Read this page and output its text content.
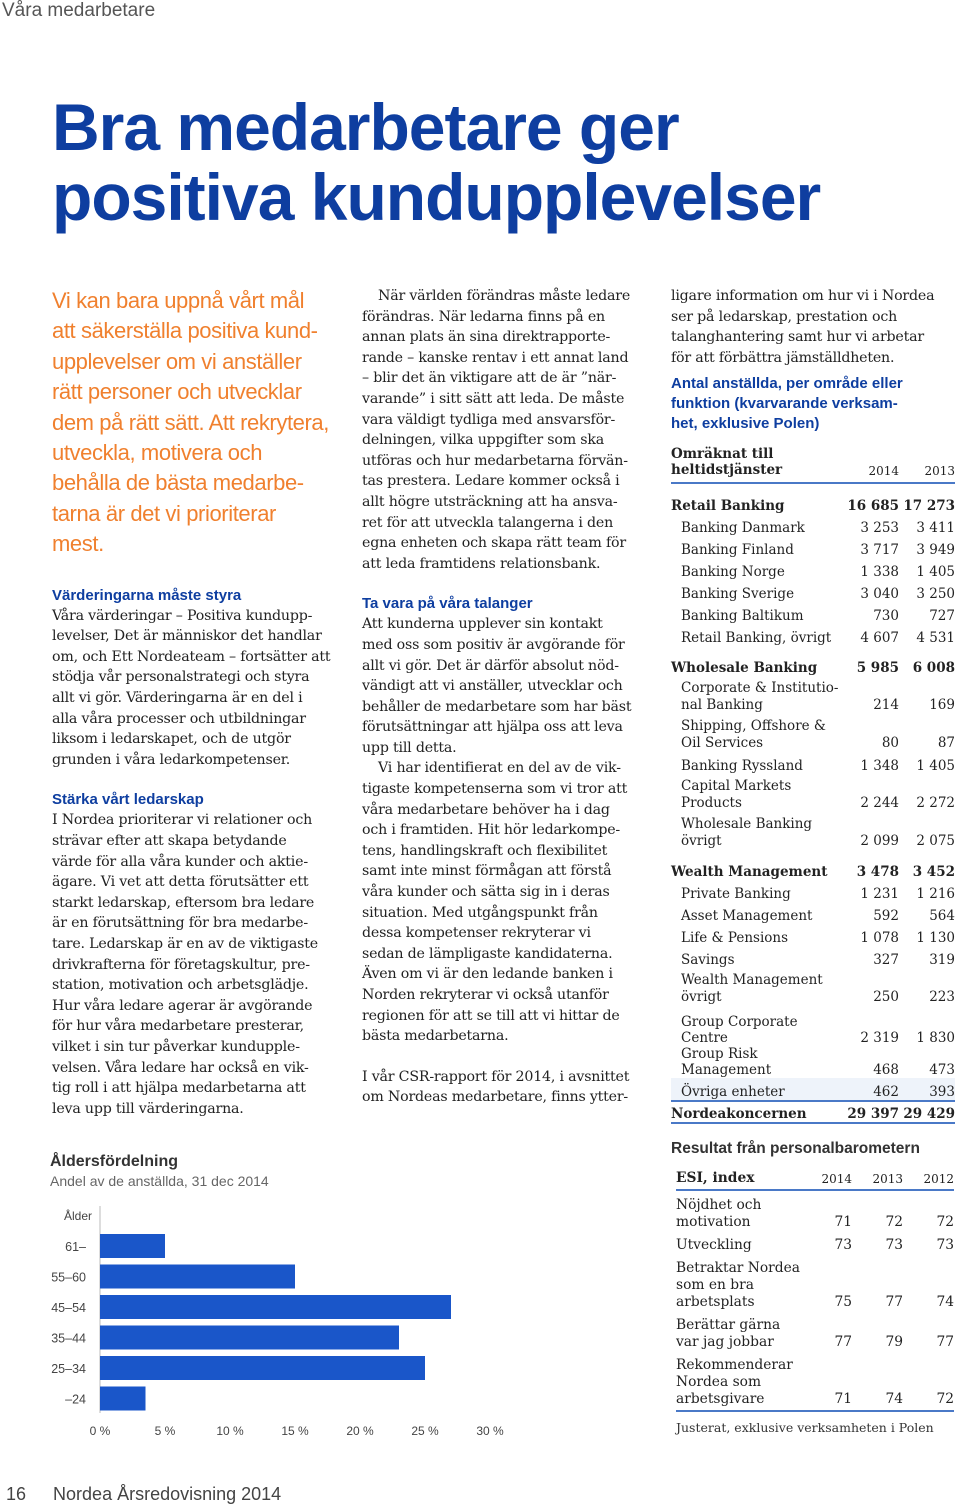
Våra medarbetare
Bra medarbetare ger
positiva kundupplevelser

Vi kan bara uppnå vårt mål

att säkerställa positiva kund-

upplevelser om vi anställer

rätt personer och utvecklar

dem på rätt sätt. Att rekrytera,

utveckla, motivera och

behålla de bästa medarbe-

tarna är det vi prioriterar

mest.

Värderingarna måste styra

Våra värderingar – Positiva kundupp-

levelser, Det är människor det handlar

om, och Ett Nordeateam – fortsätter att

stödja vår personalstrategi och styra

allt vi gör. Värderingarna är en del i

alla våra processer och utbildningar

liksom i ledarskapet, och de utgör

grunden i våra ledarkompetenser.

Stärka vårt ledarskap

I Nordea prioriterar vi relationer och

strävar efter att skapa betydande

värde för alla våra kunder och aktie-

ägare. Vi vet att detta förutsätter ett

starkt ledarskap, eftersom bra ledare

är en förutsättning för bra medarbe-

tare. Ledarskap är en av de viktigaste

drivkrafterna för företagskultur, pre-

station, motivation och arbetsglädje.

Hur våra ledare agerar är avgörande

för hur våra medarbetare presterar,

vilket i sin tur påverkar kundupple-

velsen. Våra ledare har också en vik-

tig roll i att hjälpa medarbetarna att

leva upp till värderingarna.

När världen förändras måste ledare

förändras. När ledarna finns på en

annan plats än sina direktrapporte-

rande – kanske rentav i ett annat land

– blir det än viktigare att de är ”när-

varande” i sitt sätt att leda. De måste

vara väldigt tydliga med ansvarsför-

delningen, vilka uppgifter som ska

utföras och hur medarbetarna förvän-

tas prestera. Ledare kommer också i

allt högre utsträckning att ha ansva-

ret för att utveckla talangerna i den

egna enheten och skapa rätt team för

att leda framtidens relationsbank.

Ta vara på våra talanger

Att kunderna upplever sin kontakt

med oss som positiv är avgörande för

allt vi gör. Det är därför absolut nöd-

vändigt att vi anställer, utvecklar och

behåller de medarbetare som har bäst

förutsättningar att hjälpa oss att leva

upp till detta.

Vi har identifierat en del av de vik-

tigaste kompetenserna som vi tror att

våra medarbetare behöver ha i dag

och i framtiden. Hit hör ledarkompe-

tens, handlingskraft och flexibilitet

samt inte minst förmågan att förstå

våra kunder och sätta sig in i deras

situation. Med utgångspunkt från

dessa kompetenser rekryterar vi

sedan de lämpligaste kandidaterna.

Även om vi är den ledande banken i

Norden rekryterar vi också utanför

regionen för att se till att vi hittar de

bästa medarbetarna.

I vår CSR-rapport för 2014, i avsnittet

om Nordeas medarbetare, finns ytter-

ligare information om hur vi i Nordea

ser på ledarskap, prestation och

talanghantering samt hur vi arbetar

för att förbättra jämställdheten.

Antal anställda, per område eller
funktion (kvarvarande verksam-
het, exklusive Polen)
Omräknat till
heltidstjänster	2014	2013

Retail Banking	16 685	17 273
Banking Danmark	3 253	3 411
Banking Finland	3 717	3 949
Banking Norge	1 338	1 405
Banking Sverige	3 040	3 250
Banking Baltikum	730	727
Retail Banking, övrigt	4 607	4 531

Wholesale Banking	5 985	6 008
Corporate & Institutio-
nal Banking	214	169
Shipping, Offshore &
Oil Services	80	87
Banking Ryssland	1 348	1 405
Capital Markets
Products	2 244	2 272
Wholesale Banking
övrigt	2 099	2 075

Wealth Management	3 478	3 452
Private Banking	1 231	1 216
Asset Management	592	564
Life & Pensions	1 078	1 130
Savings	327	319
Wealth Management
övrigt	250	223

Group Corporate Centre	2 319	1 830
Group Risk Management	468	473
Övriga enheter	462	393
Nordeakoncernen	29 397	29 429
Åldersfördelning
Andel av de anställda, 31 dec 2014
Ålder
61–
55–60
45–54
35–44
25–34
–24
0 %	5 %	10 %	15 %	20 %	25 %	30 %
Resultat från personalbarometern
ESI, index	2014	2013	2012
Nöjdhet och
motivation	71	72	72
Utveckling	73	73	73
Betraktar Nordea
som en bra
arbetsplats	75	77	74
Berättar gärna
var jag jobbar	77	79	77
Rekommenderar
Nordea som
arbetsgivare	71	74	72
Justerat, exklusive verksamheten i Polen
16 Nordea Årsredovisning 2014
